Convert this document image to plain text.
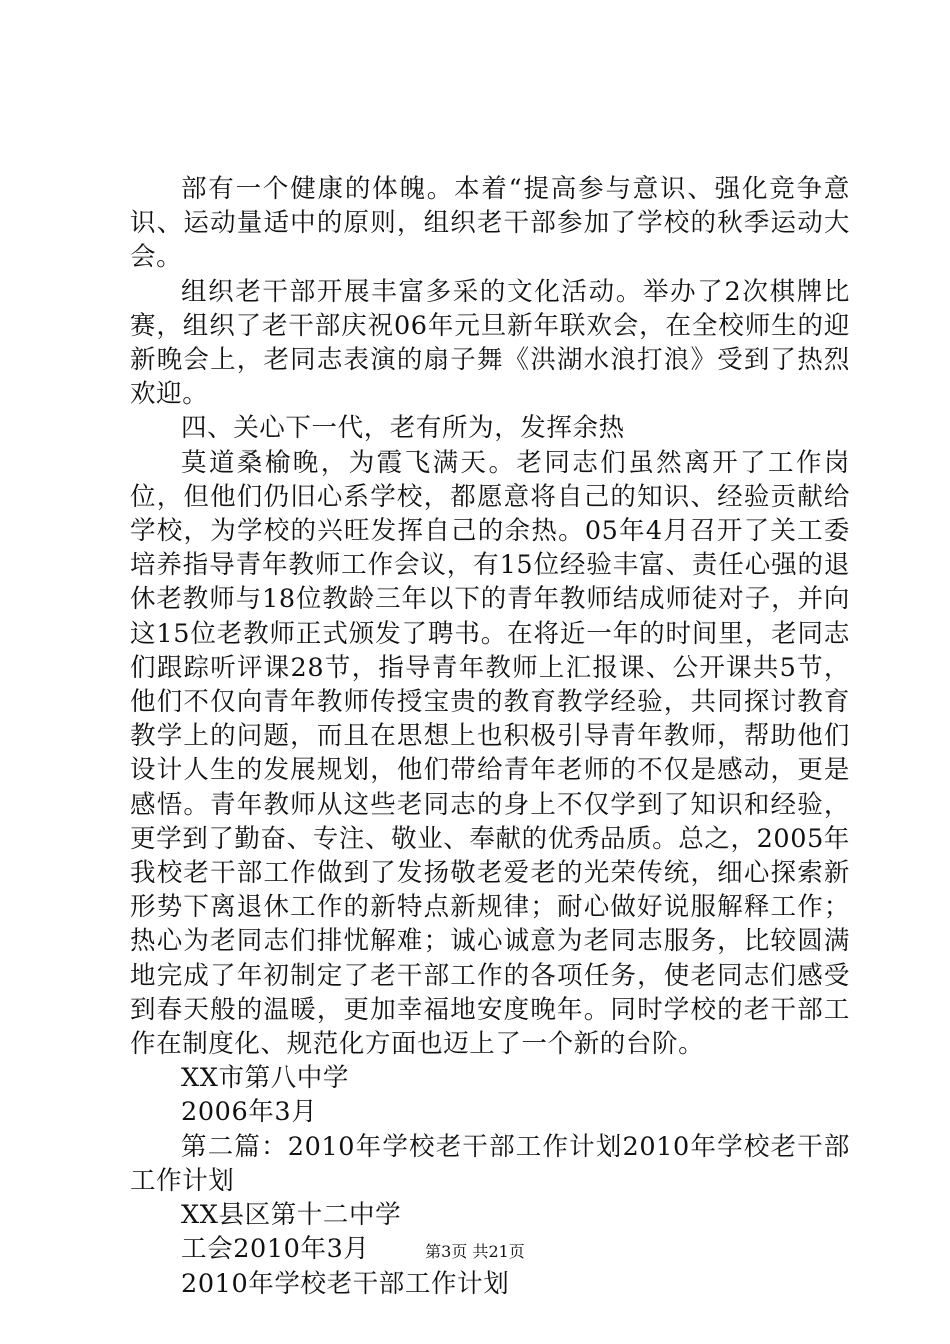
部有一个健康的体魄。本着“提高参与意识、强化竞争意识、运动量适中的原则，组织老干部参加了学校的秋季运动大会。

组织老干部开展丰富多采的文化活动。举办了2次棋牌比赛，组织了老干部庆祝06年元旦新年联欢会，在全校师生的迎新晚会上，老同志表演的扇子舞《洪湖水浪打浪》受到了热烈欢迎。

四、关心下一代，老有所为，发挥余热

莫道桑榆晚，为霞飞满天。老同志们虽然离开了工作岗位，但他们仍旧心系学校，都愿意将自己的知识、经验贡献给学校，为学校的兴旺发挥自己的余热。05年4月召开了关工委培养指导青年教师工作会议，有15位经验丰富、责任心强的退休老教师与18位教龄三年以下的青年教师结成师徒对子，并向这15位老教师正式颁发了聘书。在将近一年的时间里，老同志们跟踪听评课28节，指导青年教师上汇报课、公开课共5节，他们不仅向青年教师传授宝贵的教育教学经验，共同探讨教育教学上的问题，而且在思想上也积极引导青年教师，帮助他们设计人生的发展规划，他们带给青年老师的不仅是感动，更是感悟。青年教师从这些老同志的身上不仅学到了知识和经验，更学到了勤奋、专注、敬业、奉献的优秀品质。总之，2005年我校老干部工作做到了发扬敬老爱老的光荣传统，细心探索新形势下离退休工作的新特点新规律；耐心做好说服解释工作；热心为老同志们排忧解难；诚心诚意为老同志服务，比较圆满地完成了年初制定了老干部工作的各项任务，使老同志们感受到春天般的温暖，更加幸福地安度晚年。同时学校的老干部工作在制度化、规范化方面也迈上了一个新的台阶。

XX市第八中学

2006年3月

第二篇：2010年学校老干部工作计划2010年学校老干部工作计划

XX县区第十二中学

工会2010年3月

2010年学校老干部工作计划

第3页 共21页
